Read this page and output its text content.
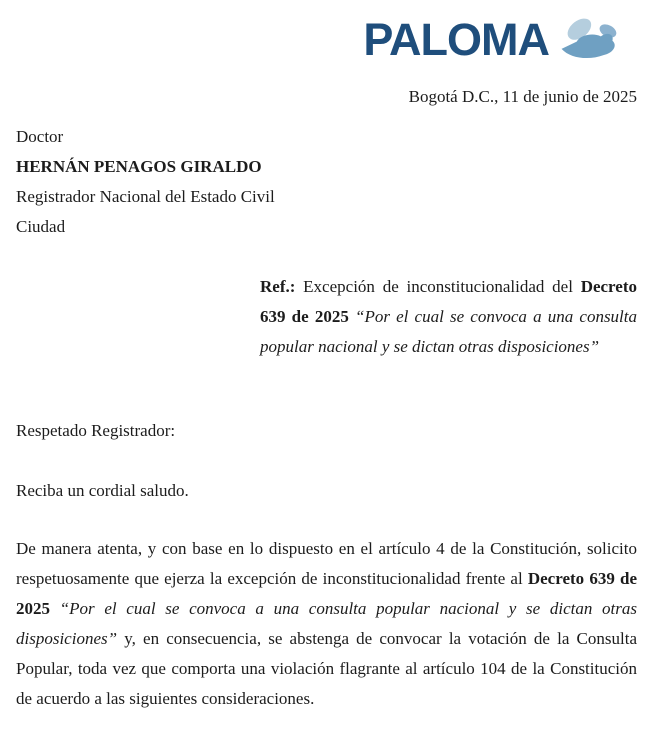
PALOMA
Bogotá D.C., 11 de junio de 2025

Doctor

HERNÁN PENAGOS GIRALDO

Registrador Nacional del Estado Civil

Ciudad

Ref.: Excepción de inconstitucionalidad del Decreto 639 de 2025 “Por el cual se convoca a una consulta popular nacional y se dictan otras disposiciones”

Respetado Registrador:

Reciba un cordial saludo.

De manera atenta, y con base en lo dispuesto en el artículo 4 de la Constitución, solicito respetuosamente que ejerza la excepción de inconstitucionalidad frente al Decreto 639 de 2025 “Por el cual se convoca a una consulta popular nacional y se dictan otras disposiciones” y, en consecuencia, se abstenga de convocar la votación de la Consulta Popular, toda vez que comporta una violación flagrante al artículo 104 de la Constitución de acuerdo a las siguientes consideraciones.
